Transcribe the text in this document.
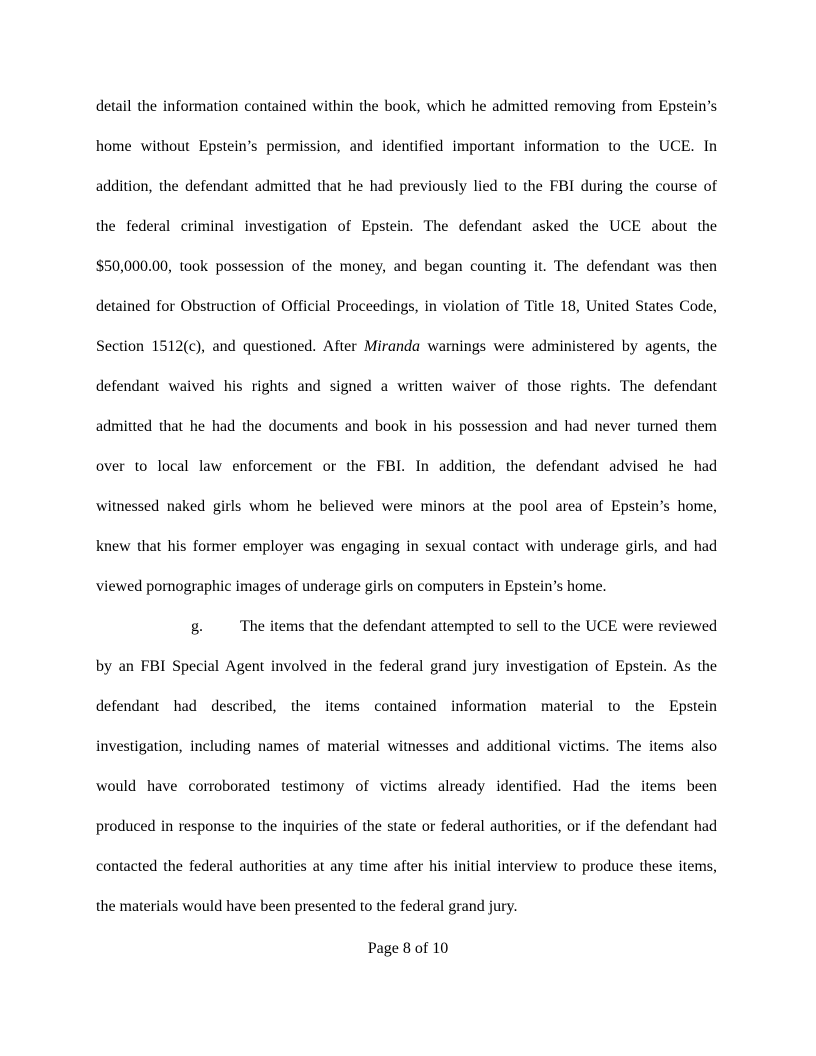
detail the information contained within the book, which he admitted removing from Epstein’s
home without Epstein’s permission, and identified important information to the UCE. In
addition, the defendant admitted that he had previously lied to the FBI during the course of
the federal criminal investigation of Epstein. The defendant asked the UCE about the
$50,000.00, took possession of the money, and began counting it. The defendant was then
detained for Obstruction of Official Proceedings, in violation of Title 18, United States Code,
Section 1512(c), and questioned. After Miranda warnings were administered by agents, the
defendant waived his rights and signed a written waiver of those rights. The defendant
admitted that he had the documents and book in his possession and had never turned them
over to local law enforcement or the FBI. In addition, the defendant advised he had
witnessed naked girls whom he believed were minors at the pool area of Epstein’s home,
knew that his former employer was engaging in sexual contact with underage girls, and had
viewed pornographic images of underage girls on computers in Epstein’s home.
g. The items that the defendant attempted to sell to the UCE were reviewed
by an FBI Special Agent involved in the federal grand jury investigation of Epstein. As the
defendant had described, the items contained information material to the Epstein
investigation, including names of material witnesses and additional victims. The items also
would have corroborated testimony of victims already identified. Had the items been
produced in response to the inquiries of the state or federal authorities, or if the defendant had
contacted the federal authorities at any time after his initial interview to produce these items,
the materials would have been presented to the federal grand jury.
Page 8 of 10
